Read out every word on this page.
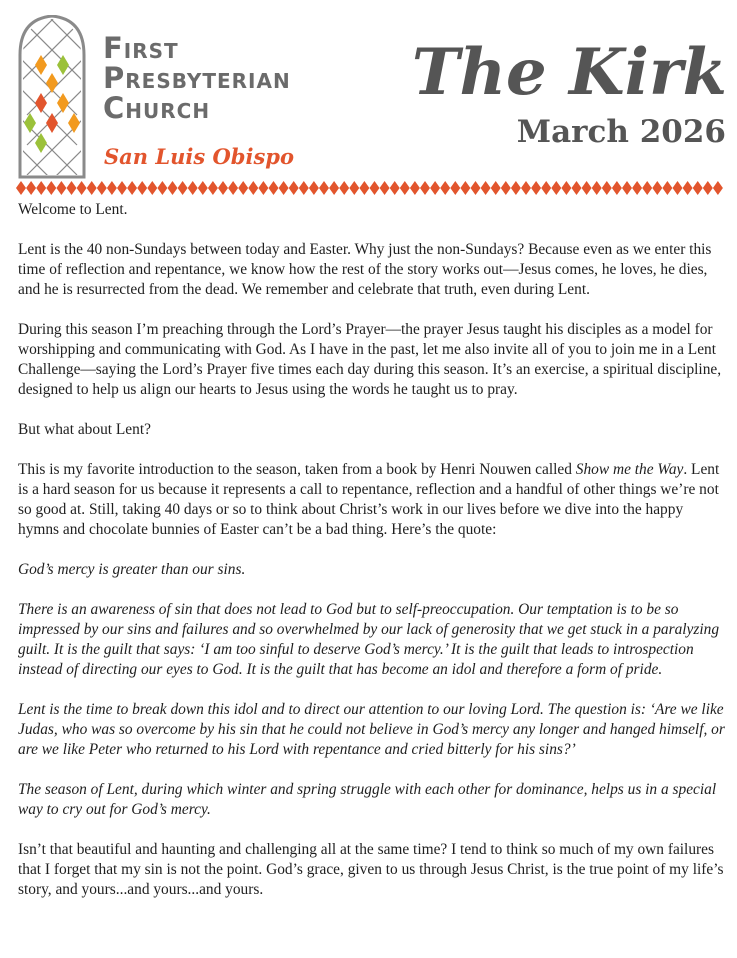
First
Presbyterian
Church
San Luis Obispo
The Kirk
March 2026

Welcome to Lent.

Lent is the 40 non-Sundays between today and Easter. Why just the non-Sundays? Because even as we enter this time of reflection and repentance, we know how the rest of the story works out—Jesus comes, he loves, he dies, and he is resurrected from the dead. We remember and celebrate that truth, even during Lent.

During this season I’m preaching through the Lord’s Prayer—the prayer Jesus taught his disciples as a model for worshipping and communicating with God. As I have in the past, let me also invite all of you to join me in a Lent Challenge—saying the Lord’s Prayer five times each day during this season. It’s an exercise, a spiritual discipline, designed to help us align our hearts to Jesus using the words he taught us to pray.

But what about Lent?

This is my favorite introduction to the season, taken from a book by Henri Nouwen called Show me the Way. Lent is a hard season for us because it represents a call to repentance, reflection and a handful of other things we’re not so good at. Still, taking 40 days or so to think about Christ’s work in our lives before we dive into the happy hymns and chocolate bunnies of Easter can’t be a bad thing. Here’s the quote:

God’s mercy is greater than our sins.

There is an awareness of sin that does not lead to God but to self-preoccupation. Our temptation is to be so impressed by our sins and failures and so overwhelmed by our lack of generosity that we get stuck in a paralyzing guilt. It is the guilt that says: ‘I am too sinful to deserve God’s mercy.’ It is the guilt that leads to introspection instead of directing our eyes to God. It is the guilt that has become an idol and therefore a form of pride.

Lent is the time to break down this idol and to direct our attention to our loving Lord. The question is: ‘Are we like Judas, who was so overcome by his sin that he could not believe in God’s mercy any longer and hanged himself, or are we like Peter who returned to his Lord with repentance and cried bitterly for his sins?’

The season of Lent, during which winter and spring struggle with each other for dominance, helps us in a special way to cry out for God’s mercy.

Isn’t that beautiful and haunting and challenging all at the same time? I tend to think so much of my own failures that I forget that my sin is not the point. God’s grace, given to us through Jesus Christ, is the true point of my life’s story, and yours...and yours...and yours.
